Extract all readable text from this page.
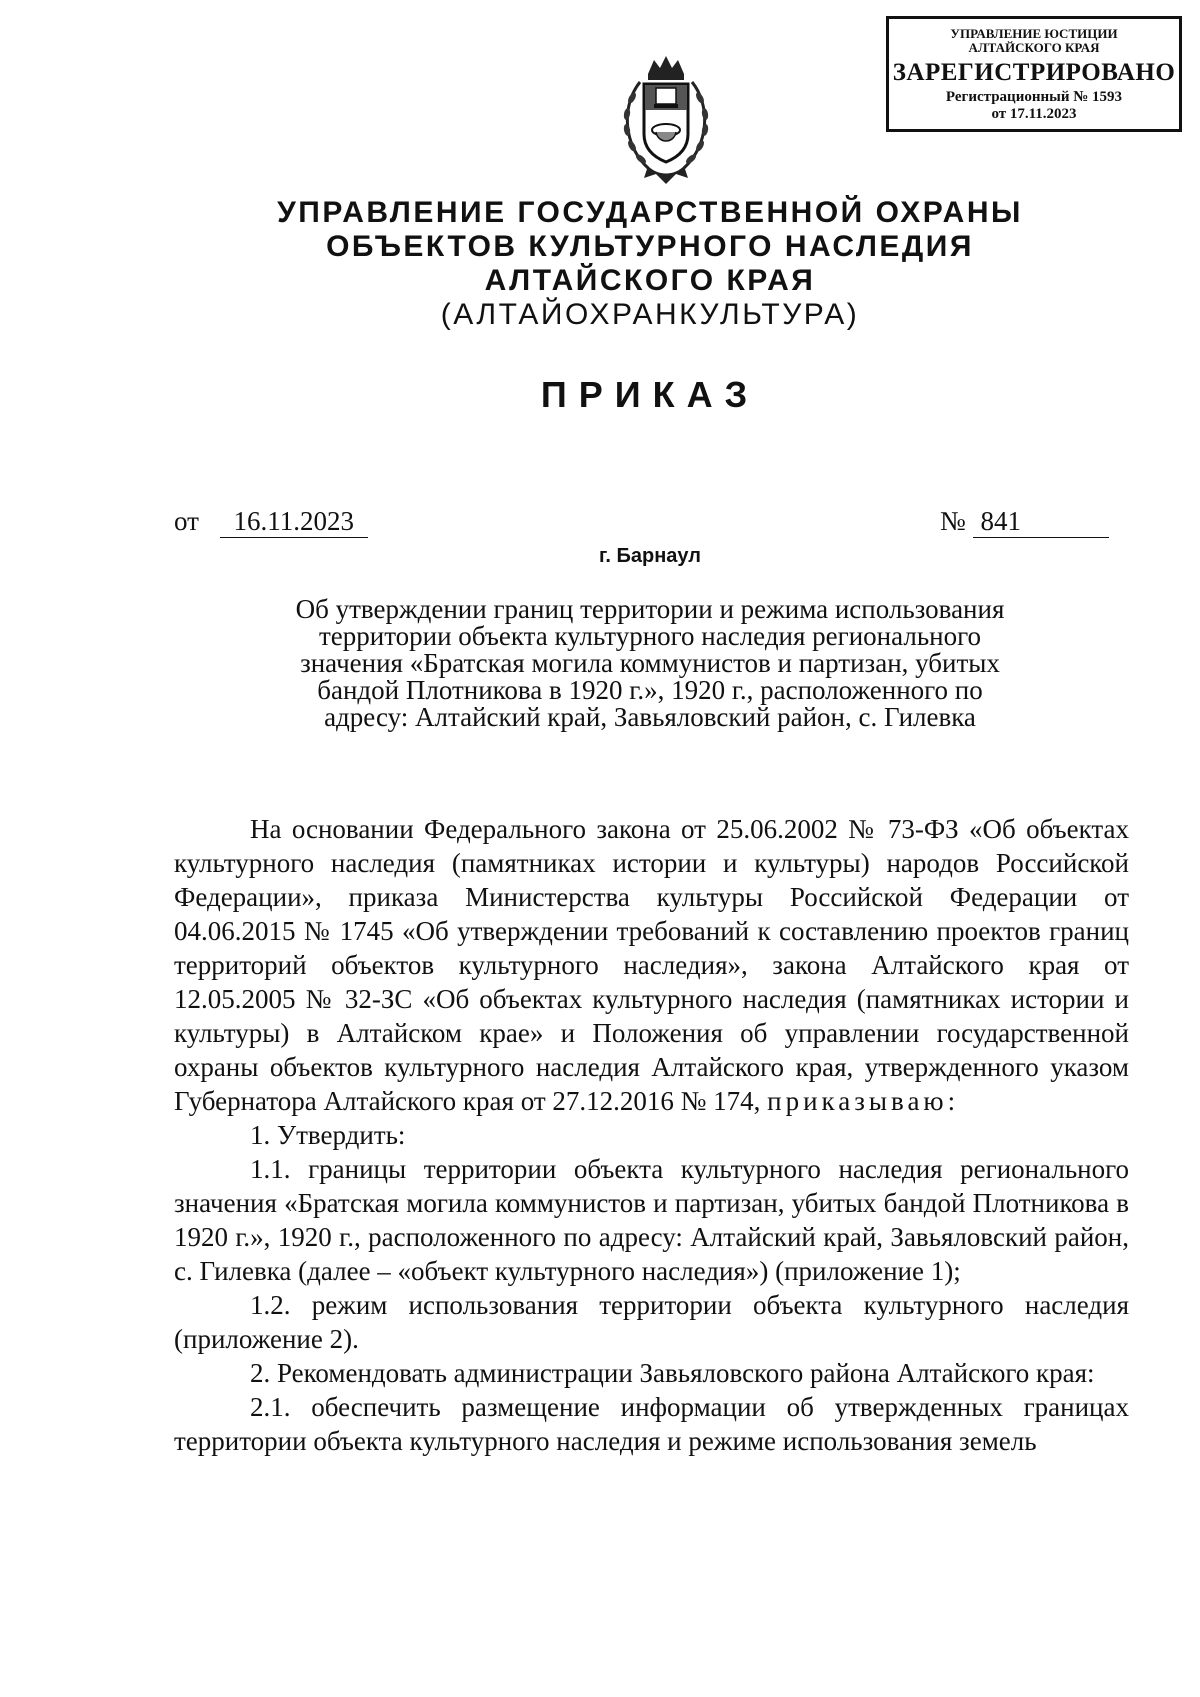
УПРАВЛЕНИЕ ЮСТИЦИИ
АЛТАЙСКОГО КРАЯ
ЗАРЕГИСТРИРОВАНО
Регистрационный № 1593
от 17.11.2023
УПРАВЛЕНИЕ ГОСУДАРСТВЕННОЙ ОХРАНЫ
ОБЪЕКТОВ КУЛЬТУРНОГО НАСЛЕДИЯ
АЛТАЙСКОГО КРАЯ
(АЛТАЙОХРАНКУЛЬТУРА)
ПРИКАЗ
от 16.11.2023	№ 841
г. Барнаул
Об утверждении границ территории и режима использования
территории объекта культурного наследия регионального
значения «Братская могила коммунистов и партизан, убитых
бандой Плотникова в 1920 г.», 1920 г., расположенного по
адресу: Алтайский край, Завьяловский район, с. Гилевка

На основании Федерального закона от 25.06.2002 № 73-ФЗ «Об объектах культурного наследия (памятниках истории и культуры) народов Российской Федерации», приказа Министерства культуры Российской Федерации от 04.06.2015 № 1745 «Об утверждении требований к составлению проектов границ территорий объектов культурного наследия», закона Алтайского края от 12.05.2005 № 32-ЗС «Об объектах культурного наследия (памятниках истории и культуры) в Алтайском крае» и Положения об управлении государственной охраны объектов культурного наследия Алтайского края, утвержденного указом Губернатора Алтайского края от 27.12.2016 № 174, приказываю:

1. Утвердить:

1.1. границы территории объекта культурного наследия регионального значения «Братская могила коммунистов и партизан, убитых бандой Плотникова в 1920 г.», 1920 г., расположенного по адресу: Алтайский край, Завьяловский район, с. Гилевка (далее – «объект культурного наследия») (приложение 1);

1.2. режим использования территории объекта культурного наследия (приложение 2).

2. Рекомендовать администрации Завьяловского района Алтайского края:

2.1. обеспечить размещение информации об утвержденных границах территории объекта культурного наследия и режиме использования земель
